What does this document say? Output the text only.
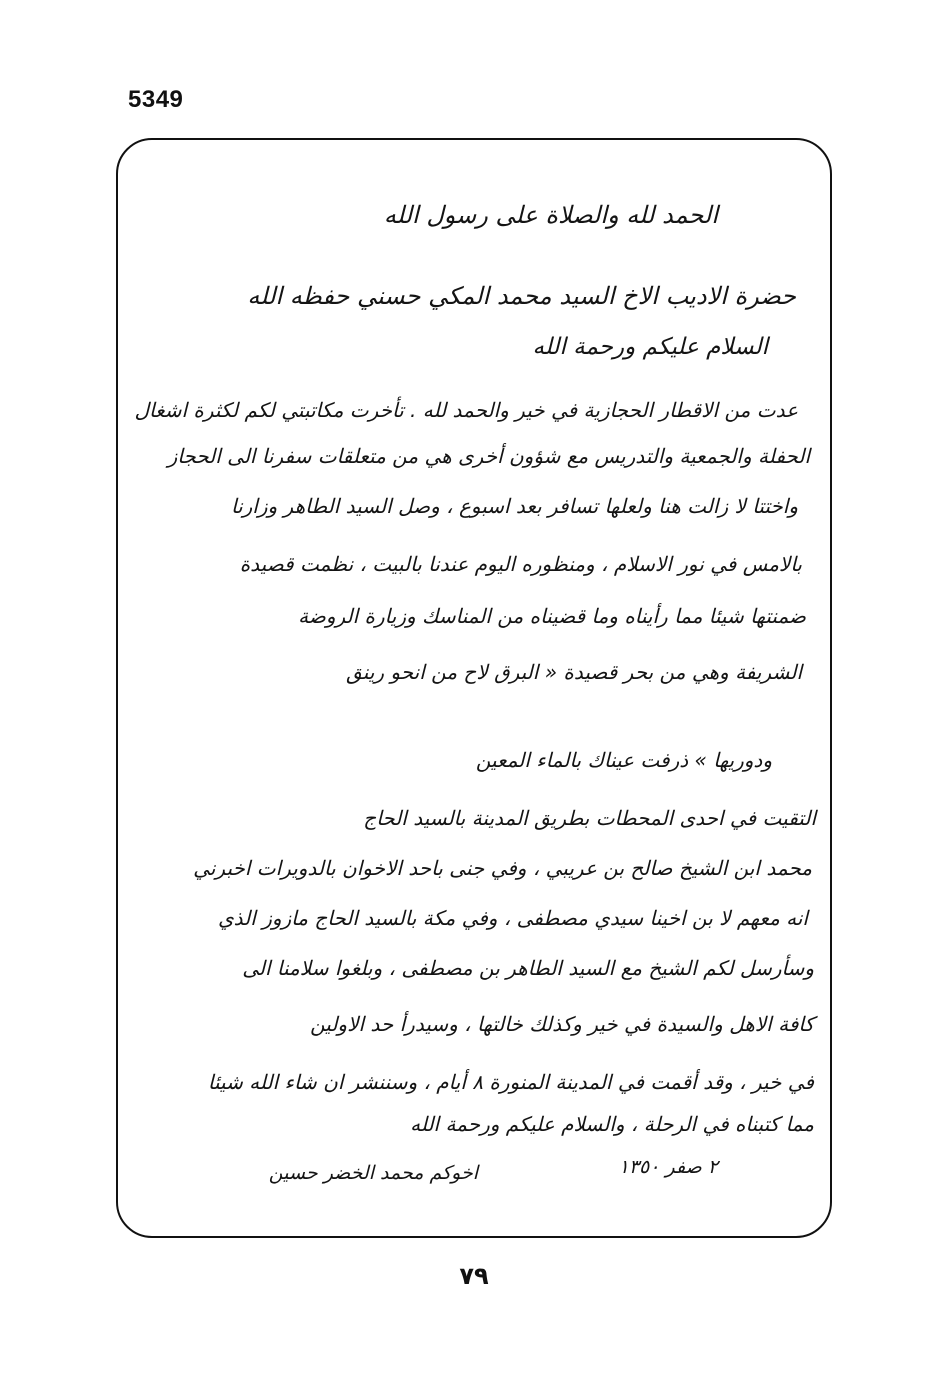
5349
الحمد لله والصلاة على رسول الله
حضرة الاديب الاخ السيد محمد المكي حسني حفظه الله
السلام عليكم ورحمة الله
عدت من الاقطار الحجازية في خير والحمد لله . تأخرت مكاتبتي لكم لكثرة اشغال
الحفلة والجمعية والتدريس مع شؤون أخرى هي من متعلقات سفرنا الى الحجاز
واختتا لا زالت هنا ولعلها تسافر بعد اسبوع ، وصل السيد الطاهر وزارنا
بالامس في نور الاسلام ، ومنظوره اليوم عندنا بالبيت ، نظمت قصيدة
ضمنتها شيئا مما رأيناه وما قضيناه من المناسك وزيارة الروضة
الشريفة وهي من بحر قصيدة « البرق لاح من انحو رينق
ودوريها » ذرفت عيناك بالماء المعين
التقيت في احدى المحطات بطريق المدينة بالسيد الحاج
محمد ابن الشيخ صالح بن عريبي ، وفي جنى باحد الاخوان بالدويرات اخبرني
انه معهم لا بن اخينا سيدي مصطفى ، وفي مكة بالسيد الحاج مازوز الذي
وسأرسل لكم الشيخ مع السيد الطاهر بن مصطفى ، وبلغوا سلامنا الى
كافة الاهل والسيدة في خير وكذلك خالتها ، وسيدرأ حد الاولين
في خير ، وقد أقمت في المدينة المنورة ٨ أيام ، وسننشر ان شاء الله شيئا
مما كتبناه في الرحلة ، والسلام عليكم ورحمة الله
٢ صفر ١٣٥٠
اخوكم محمد الخضر حسين
٧٩
